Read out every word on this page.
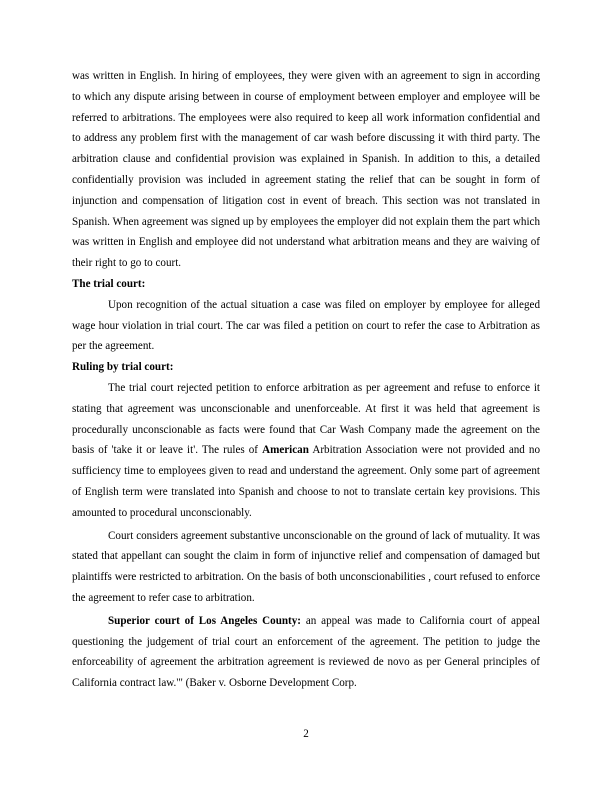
was written in English. In hiring of employees, they were given with an agreement to sign in according to which any dispute arising between in course of employment between employer and employee will be referred to arbitrations. The employees were also required to keep all work information confidential and to address any problem first with the management of car wash before discussing it with third party. The arbitration clause and confidential provision was explained in Spanish. In addition to this, a detailed confidentially provision was included in agreement stating the relief that can be sought in form of injunction and compensation of litigation cost in event of breach. This section was not translated in Spanish. When agreement was signed up by employees the employer did not explain them the part which was written in English and employee did not understand what arbitration means and they are waiving of their right to go to court.

The trial court:

Upon recognition of the actual situation a case was filed on employer by employee for alleged wage hour violation in trial court. The car was filed a petition on court to refer the case to Arbitration as per the agreement.

Ruling by trial court:

The trial court rejected petition to enforce arbitration as per agreement and refuse to enforce it stating that agreement was unconscionable and unenforceable. At first it was held that agreement is procedurally unconscionable as facts were found that Car Wash Company made the agreement on the basis of 'take it or leave it'. The rules of American Arbitration Association were not provided and no sufficiency time to employees given to read and understand the agreement. Only some part of agreement of English term were translated into Spanish and choose to not to translate certain key provisions. This amounted to procedural unconscionably.

Court considers agreement substantive unconscionable on the ground of lack of mutuality. It was stated that appellant can sought the claim in form of injunctive relief and compensation of damaged but plaintiffs were restricted to arbitration. On the basis of both unconscionabilities , court refused to enforce the agreement to refer case to arbitration.

Superior court of Los Angeles County: an appeal was made to California court of appeal questioning the judgement of trial court an enforcement of the agreement. The petition to judge the enforceability of agreement the arbitration agreement is reviewed de novo as per General principles of California contract law.'" (Baker v. Osborne Development Corp.

2
